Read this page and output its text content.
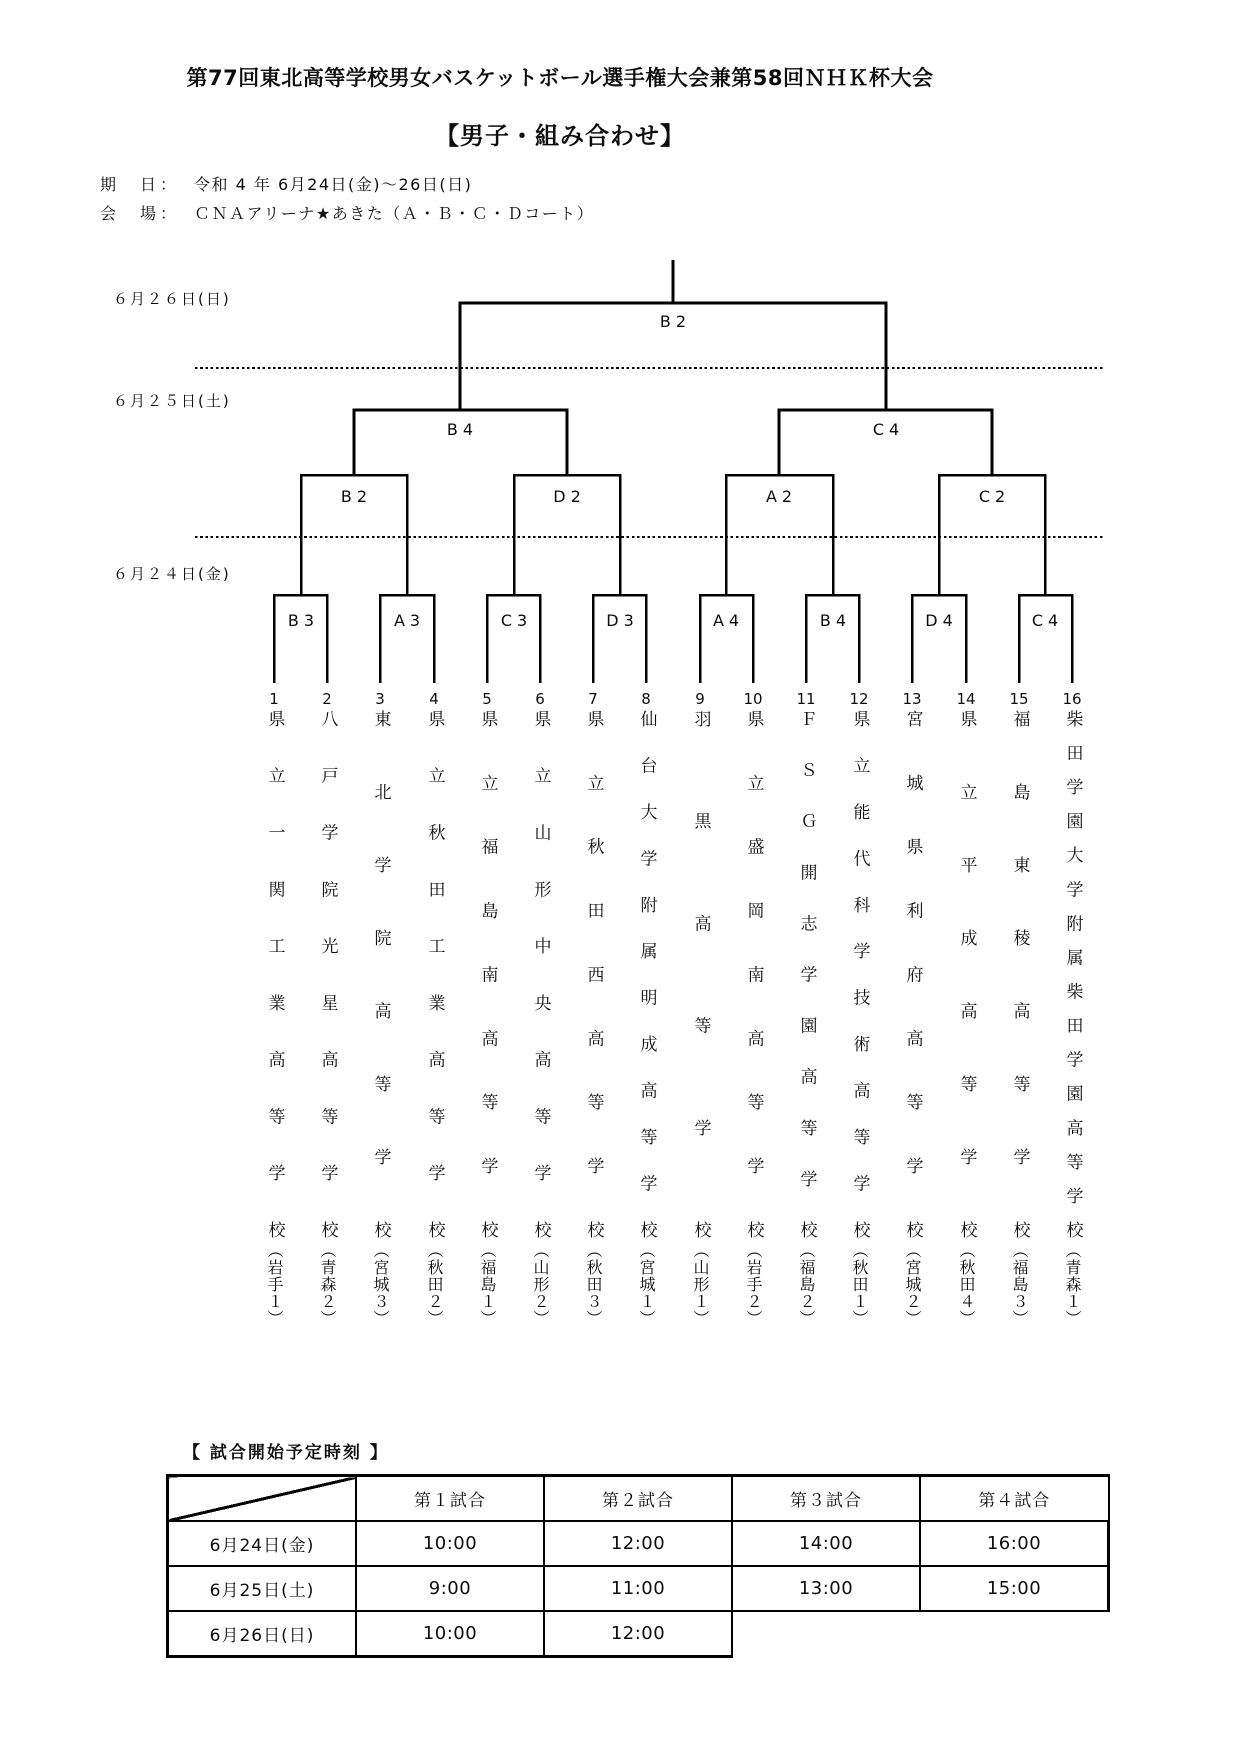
第77回東北高等学校男女バスケットボール選手権大会兼第58回ＮＨＫ杯大会
【男子・組み合わせ】
期　日： 令和 4 年 6月24日(金)～26日(日)
会　場： ＣＮＡアリーナ★あきた（Ａ・Ｂ・Ｃ・Ｄコート）
６月２６日(日)
６月２５日(土)
６月２４日(金)
B2
B4	C4
B2	D2	A2	C2
B3	A3	C3	D3	A4	B4	D4	C4
1
県立一関工業高等学校
（岩手１）
2
八戸学院光星高等学校
（青森２）
3
東北学院高等学校
（宮城３）
4
県立秋田工業高等学校
（秋田２）
5
県立福島南高等学校
（福島１）
6
県立山形中央高等学校
（山形２）
7
県立秋田西高等学校
（秋田３）
8
仙台大学附属明成高等学校
（宮城１）
9
羽黒高等学校
（山形１）
10
県立盛岡南高等学校
（岩手２）
11
ＦＳＧ開志学園高等学校
（福島２）
12
県立能代科学技術高等学校
（秋田１）
13
宮城県利府高等学校
（宮城２）
14
県立平成高等学校
（秋田４）
15
福島東稜高等学校
（福島３）
16
柴田学園大学附属柴田学園高等学校
（青森１）
【 試合開始予定時刻 】
	第１試合	第２試合	第３試合	第４試合
6月24日(金)	10:00	12:00	14:00	16:00
6月25日(土)	9:00	11:00	13:00	15:00
6月26日(日)	10:00	12:00		
